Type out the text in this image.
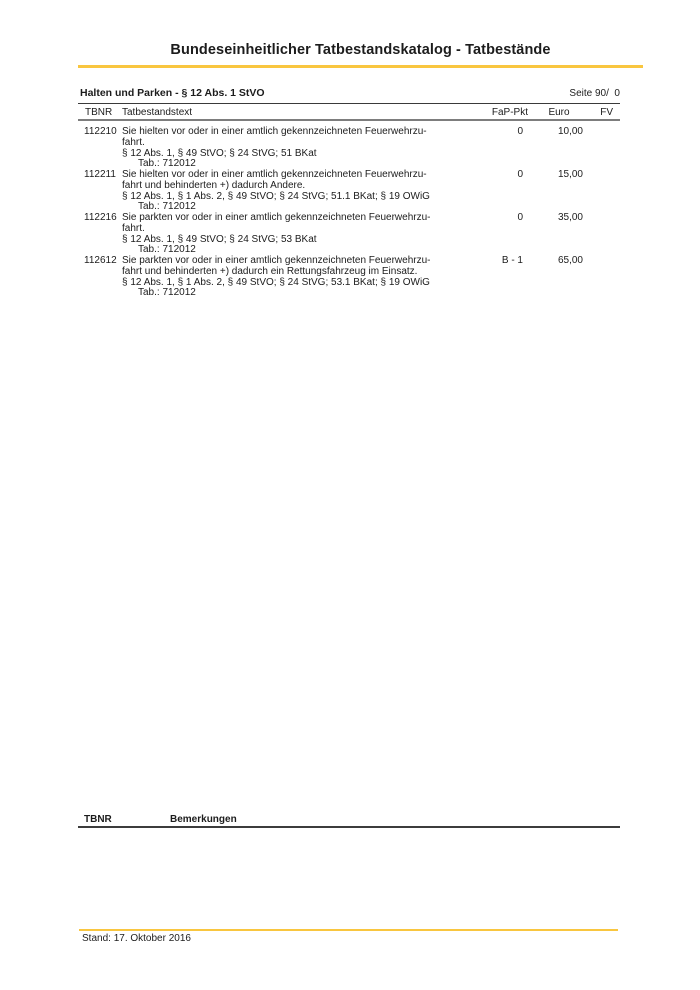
Bundeseinheitlicher Tatbestandskatalog - Tatbestände
Halten und Parken - § 12 Abs. 1 StVO	Seite 90/  0
TBNR Tatbestandstext	FaP-Pkt	Euro	FV
112210 Sie hielten vor oder in einer amtlich gekennzeichneten Feuerwehrzu-
fahrt.
§ 12 Abs. 1, § 49 StVO; § 24 StVG; 51 BKat
Tab.: 712012
0	10,00
112211 Sie hielten vor oder in einer amtlich gekennzeichneten Feuerwehrzu-
fahrt und behinderten +) dadurch Andere.
§ 12 Abs. 1, § 1 Abs. 2, § 49 StVO; § 24 StVG; 51.1 BKat; § 19 OWiG
Tab.: 712012
0	15,00
112216 Sie parkten vor oder in einer amtlich gekennzeichneten Feuerwehrzu-
fahrt.
§ 12 Abs. 1, § 49 StVO; § 24 StVG; 53 BKat
Tab.: 712012
0	35,00
112612 Sie parkten vor oder in einer amtlich gekennzeichneten Feuerwehrzu-
fahrt und behinderten +) dadurch ein Rettungsfahrzeug im Einsatz.
§ 12 Abs. 1, § 1 Abs. 2, § 49 StVO; § 24 StVG; 53.1 BKat; § 19 OWiG
Tab.: 712012
B - 1	65,00
TBNR	Bemerkungen
Stand: 17. Oktober 2016
